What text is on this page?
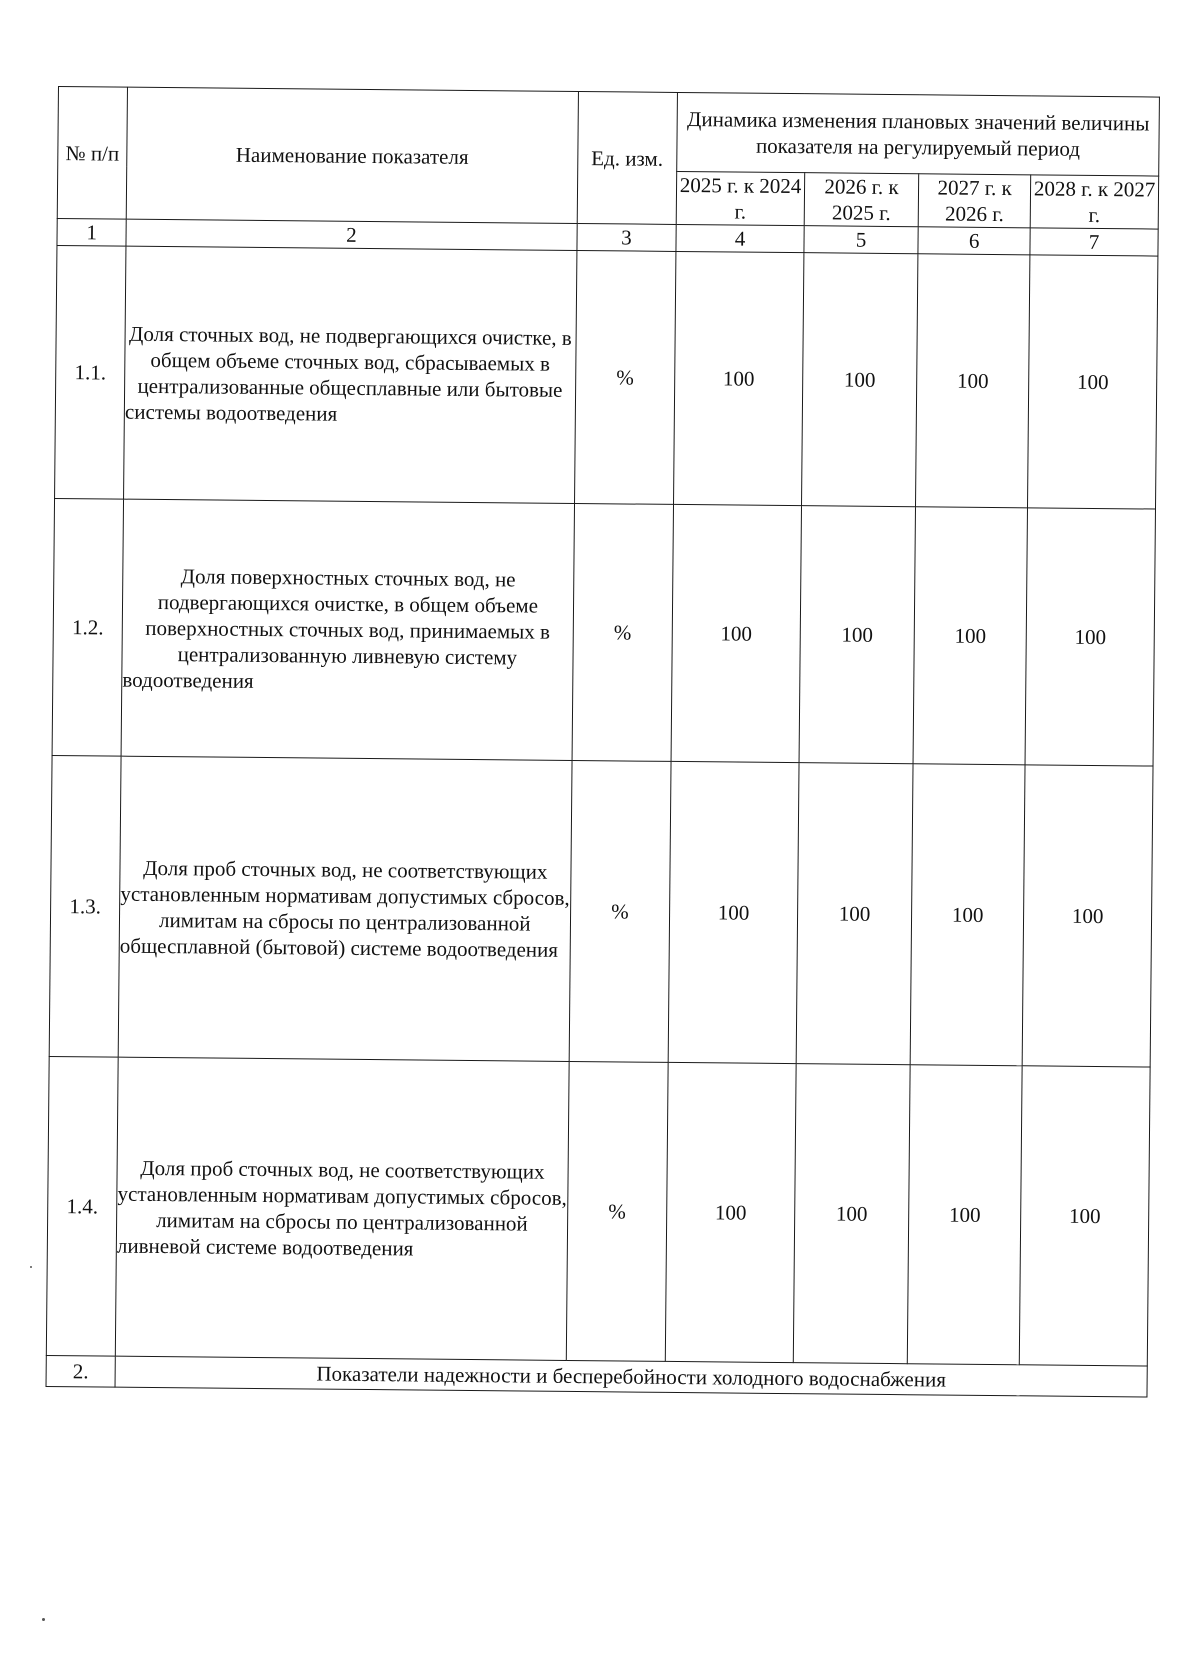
№ п/п	Наименование показателя	Ед. изм.	Динамика изменения плановых значений величины показателя на регулируемый период			
			2025 г. к 2024 г.	2026 г. к 2025 г.	2027 г. к 2026 г.	2028 г. к 2027 г.
1	2	3	4	5	6	7
1.1.	Доля сточных вод, не подвергающихся очистке, в общем объеме сточных вод, сбрасываемых в централизованные общесплавные или бытовые системы водоотведения	%	100	100	100	100
1.2.	Доля поверхностных сточных вод, не подвергающихся очистке, в общем объеме поверхностных сточных вод, принимаемых в централизованную ливневую систему водоотведения	%	100	100	100	100
1.3.	Доля проб сточных вод, не соответствующих установленным нормативам допустимых сбросов, лимитам на сбросы по централизованной общесплавной (бытовой) системе водоотведения	%	100	100	100	100
1.4.	Доля проб сточных вод, не соответствующих установленным нормативам допустимых сбросов, лимитам на сбросы по централизованной ливневой системе водоотведения	%	100	100	100	100
2.	Показатели надежности и бесперебойности холодного водоснабжения					
